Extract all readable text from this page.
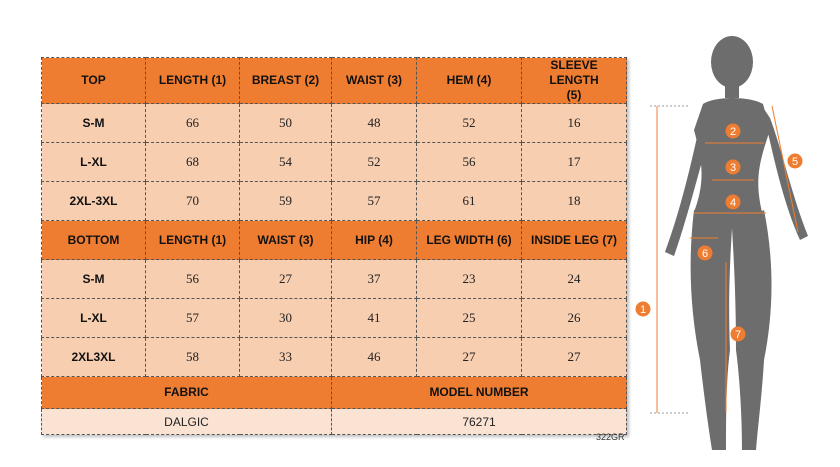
TOP	LENGTH (1)	BREAST (2)	WAIST (3)	HEM (4)	SLEEVE LENGTH (5)
S-M	66	50	48	52	16
L-XL	68	54	52	56	17
2XL-3XL	70	59	57	61	18
BOTTOM	LENGTH (1)	WAIST (3)	HIP (4)	LEG WIDTH (6)	INSIDE LEG (7)
S-M	56	27	37	23	24
L-XL	57	30	41	25	26
2XL3XL	58	33	46	27	27
FABRIC			MODEL NUMBER		
DALGIC			76271		
322GR
1
2
3
4
5
6
7
